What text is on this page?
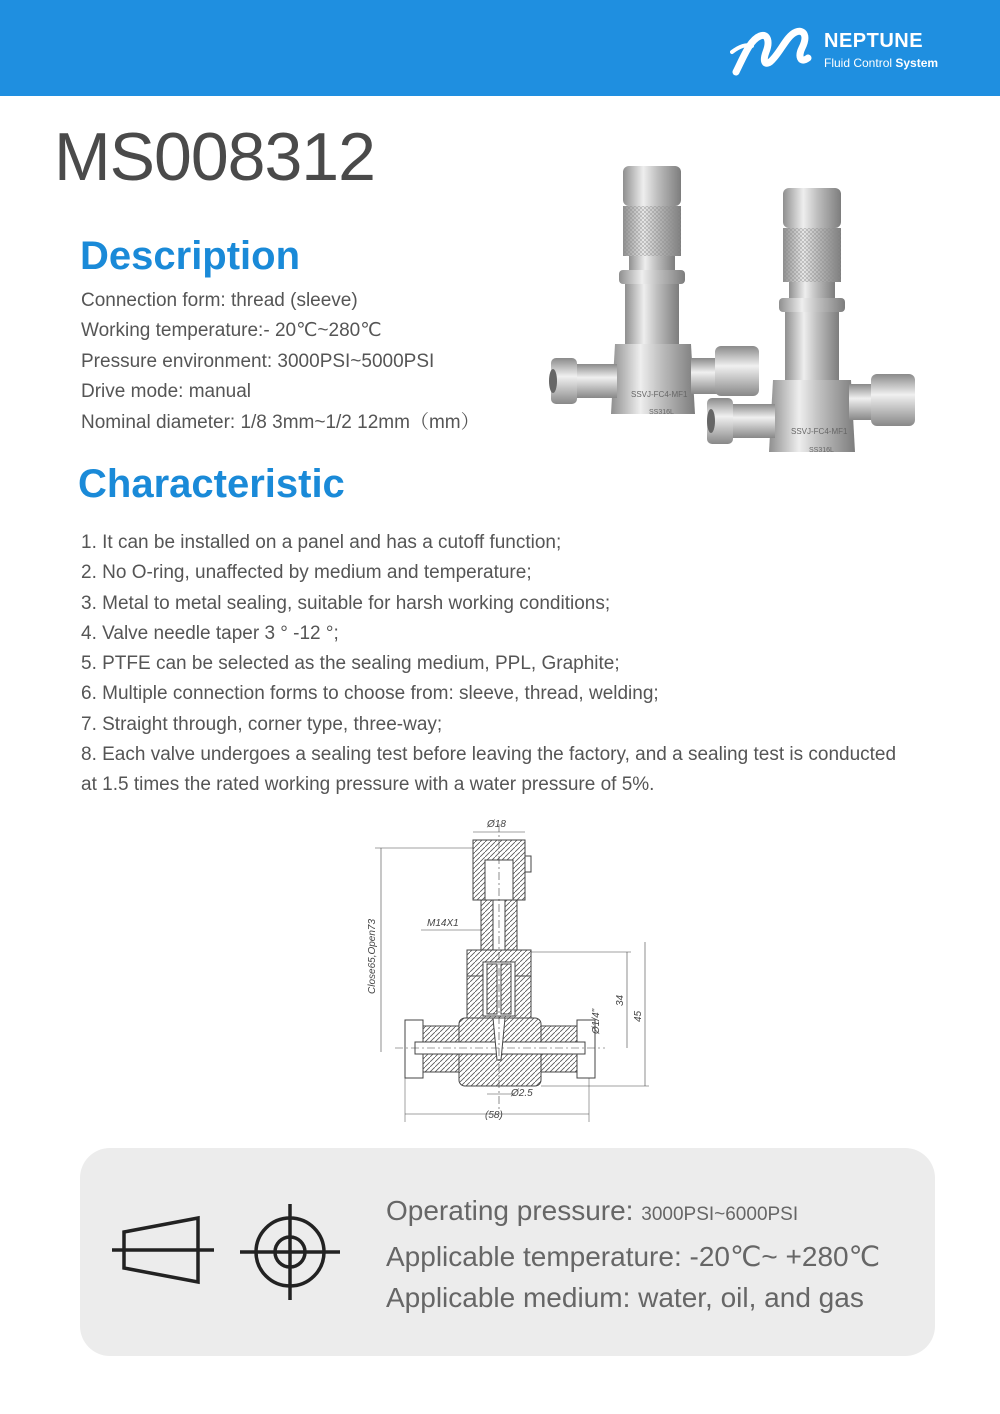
NEPTUNE
Fluid Control System
MS008312
Description
Connection form: thread (sleeve)
Working temperature:- 20℃~280℃
Pressure environment: 3000PSI~5000PSI
Drive mode: manual
Nominal diameter: 1/8 3mm~1/2 12mm（mm）
SSVJ-FC4-MF1
SS316L
SSVJ-FC4-MF1
SS316L
Characteristic
1. It can be installed on a panel and has a cutoff function;
2. No O-ring, unaffected by medium and temperature;
3. Metal to metal sealing, suitable for harsh working conditions;
4. Valve needle taper 3 ° -12 °;
5. PTFE can be selected as the sealing medium, PPL, Graphite;
6. Multiple connection forms to choose from: sleeve, thread, welding;
7. Straight through, corner type, three-way;
8. Each valve undergoes a sealing test before leaving the factory, and a sealing test is conducted at 1.5 times the rated working pressure with a water pressure of 5%.
Ø18
M14X1
Close65,Open73
Ø1/4"
34
45
Ø2.5
(58)
Operating pressure: 3000PSI~6000PSI
Applicable temperature: -20℃~ +280℃
Applicable medium: water, oil, and gas
